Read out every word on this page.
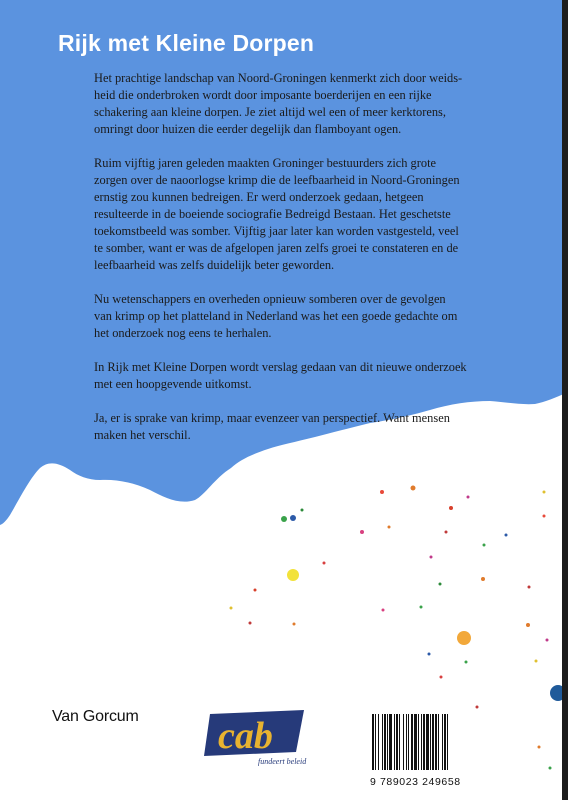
Rijk met Kleine Dorpen

Het prachtige landschap van Noord-Groningen kenmerkt zich door weids-
heid die onderbroken wordt door imposante boerderijen en een rijke
schakering aan kleine dorpen. Je ziet altijd wel een of meer kerktorens,
omringt door huizen die eerder degelijk dan flamboyant ogen.

Ruim vijftig jaren geleden maakten Groninger bestuurders zich grote
zorgen over de naoorlogse krimp die de leefbaarheid in Noord-Groningen
ernstig zou kunnen bedreigen. Er werd onderzoek gedaan, hetgeen
resulteerde in de boeiende sociografie Bedreigd Bestaan. Het geschetste
toekomstbeeld was somber. Vijftig jaar later kan worden vastgesteld, veel
te somber, want er was de afgelopen jaren zelfs groei te constateren en de
leefbaarheid was zelfs duidelijk beter geworden.

Nu wetenschappers en overheden opnieuw somberen over de gevolgen
van krimp op het platteland in Nederland was het een goede gedachte om
het onderzoek nog eens te herhalen.

In Rijk met Kleine Dorpen wordt verslag gedaan van dit nieuwe onderzoek
met een hoopgevende uitkomst.

Ja, er is sprake van krimp, maar evenzeer van perspectief. Want mensen
maken het verschil.

Van Gorcum cab
fundeert beleid
9 789023 249658
